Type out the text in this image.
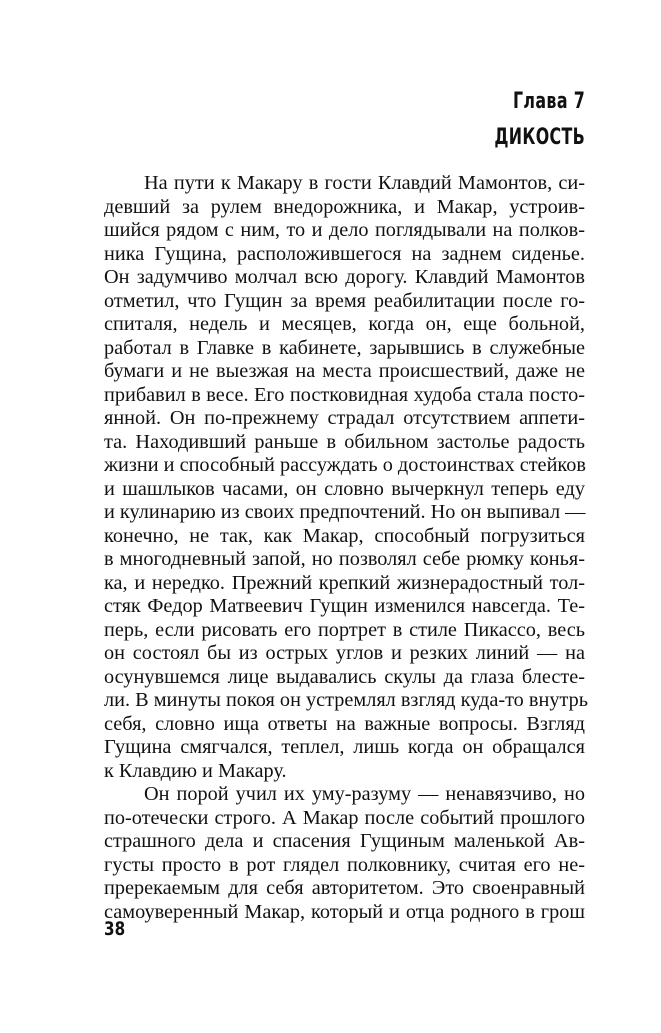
Глава 7
ДИКОСТЬ
На пути к Макару в гости Клавдий Мамонтов, си-
девший за рулем внедорожника, и Макар, устроив-
шийся рядом с ним, то и дело поглядывали на полков-
ника Гущина, расположившегося на заднем сиденье.
Он задумчиво молчал всю дорогу. Клавдий Мамонтов
отметил, что Гущин за время реабилитации после го-
спиталя, недель и месяцев, когда он, еще больной,
работал в Главке в кабинете, зарывшись в служебные
бумаги и не выезжая на места происшествий, даже не
прибавил в весе. Его постковидная худоба стала посто-
янной. Он по-прежнему страдал отсутствием аппети-
та. Находивший раньше в обильном застолье радость
жизни и способный рассуждать о достоинствах стейков
и шашлыков часами, он словно вычеркнул теперь еду
и кулинарию из своих предпочтений. Но он выпивал —
конечно, не так, как Макар, способный погрузиться
в многодневный запой, но позволял себе рюмку конья-
ка, и нередко. Прежний крепкий жизнерадостный тол-
стяк Федор Матвеевич Гущин изменился навсегда. Те-
перь, если рисовать его портрет в стиле Пикассо, весь
он состоял бы из острых углов и резких линий — на
осунувшемся лице выдавались скулы да глаза блесте-
ли. В минуты покоя он устремлял взгляд куда-то внутрь
себя, словно ища ответы на важные вопросы. Взгляд
Гущина смягчался, теплел, лишь когда он обращался
к Клавдию и Макару.
Он порой учил их уму-разуму — ненавязчиво, но
по-отечески строго. А Макар после событий прошлого
страшного дела и спасения Гущиным маленькой Ав-
густы просто в рот глядел полковнику, считая его не-
пререкаемым для себя авторитетом. Это своенравный
самоуверенный Макар, который и отца родного в грош
38
